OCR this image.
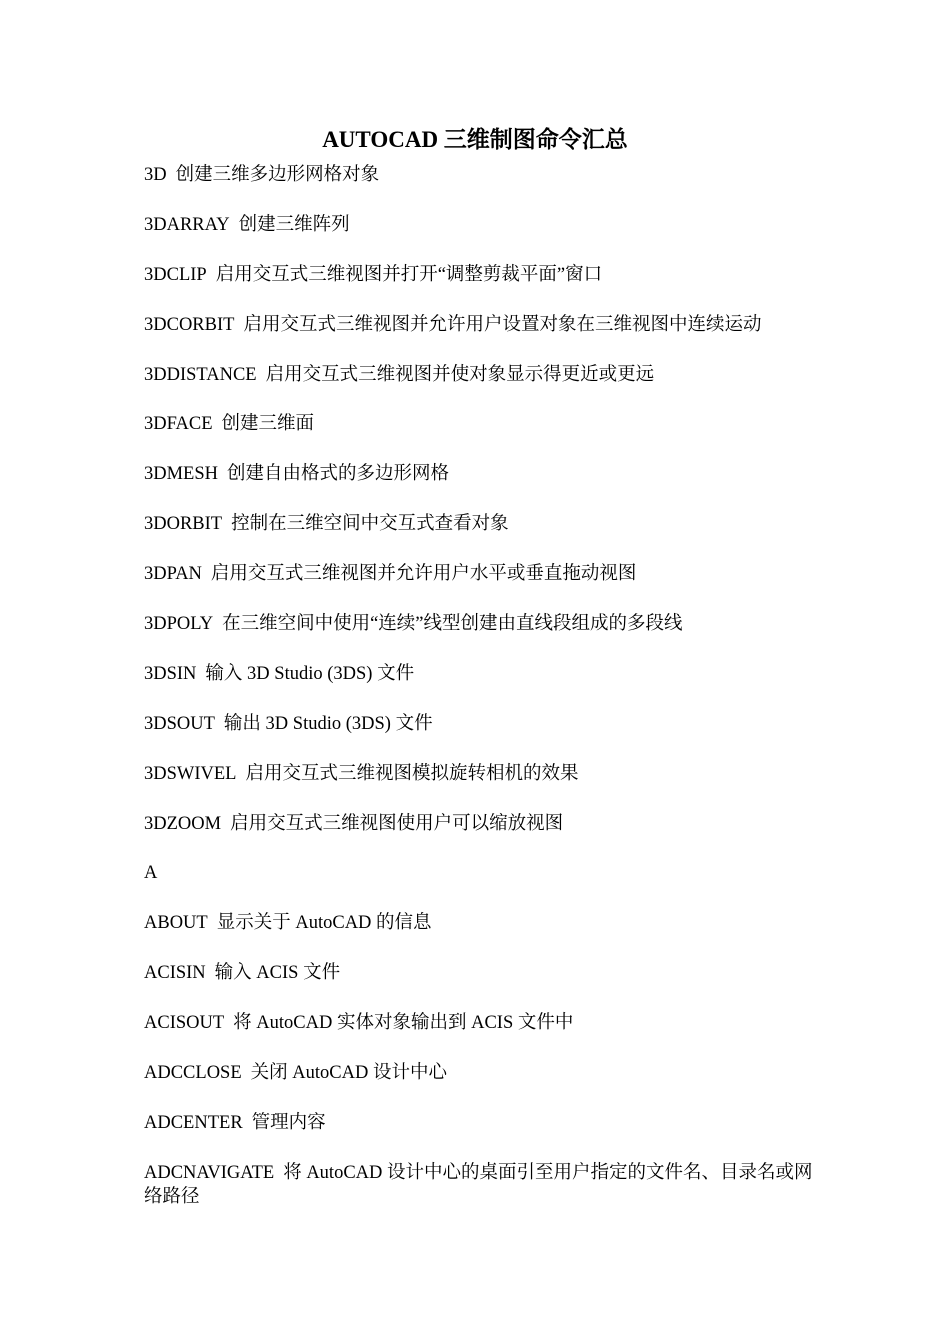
AUTOCAD 三维制图命令汇总
3D 创建三维多边形网格对象
3DARRAY 创建三维阵列
3DCLIP 启用交互式三维视图并打开“调整剪裁平面”窗口
3DCORBIT 启用交互式三维视图并允许用户设置对象在三维视图中连续运动
3DDISTANCE 启用交互式三维视图并使对象显示得更近或更远
3DFACE 创建三维面
3DMESH 创建自由格式的多边形网格
3DORBIT 控制在三维空间中交互式查看对象
3DPAN 启用交互式三维视图并允许用户水平或垂直拖动视图
3DPOLY 在三维空间中使用“连续”线型创建由直线段组成的多段线
3DSIN 输入 3D Studio (3DS) 文件
3DSOUT 输出 3D Studio (3DS) 文件
3DSWIVEL 启用交互式三维视图模拟旋转相机的效果
3DZOOM 启用交互式三维视图使用户可以缩放视图
A
ABOUT 显示关于 AutoCAD 的信息
ACISIN 输入 ACIS 文件
ACISOUT 将 AutoCAD 实体对象输出到 ACIS 文件中
ADCCLOSE 关闭 AutoCAD 设计中心
ADCENTER 管理内容
ADCNAVIGATE 将 AutoCAD 设计中心的桌面引至用户指定的文件名、目录名或网络路径
